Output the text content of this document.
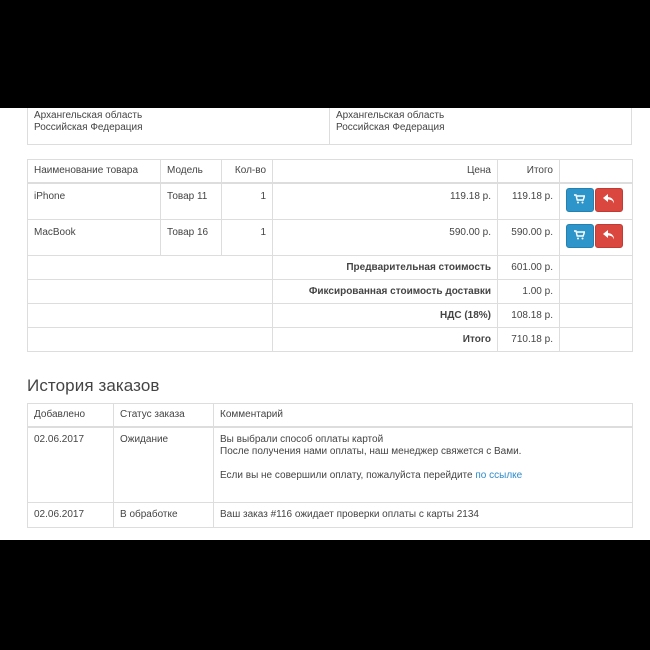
Архангельская область
Российская Федерация

Архангельская область
Российская Федерация
Наименование товара	Модель	Кол-во	Цена	Итого	
iPhone	Товар 11	1	119.18 р.	119.18 р.	

MacBook	Товар 16	1	590.00 р.	590.00 р.	

			Предварительная стоимость	601.00 р.	
			Фиксированная стоимость доставки	1.00 р.	
			НДС (18%)	108.18 р.	
			Итого	710.18 р.	
История заказов
Добавлено	Статус заказа	Комментарий
02.06.2017	Ожидание	Вы выбрали способ оплаты картой
После получения нами оплаты, наш менеджер свяжется с Вами.
Если вы не совершили оплату, пожалуйста перейдите по ссылке
02.06.2017	В обработке	Ваш заказ #116 ожидает проверки оплаты с карты 2134
